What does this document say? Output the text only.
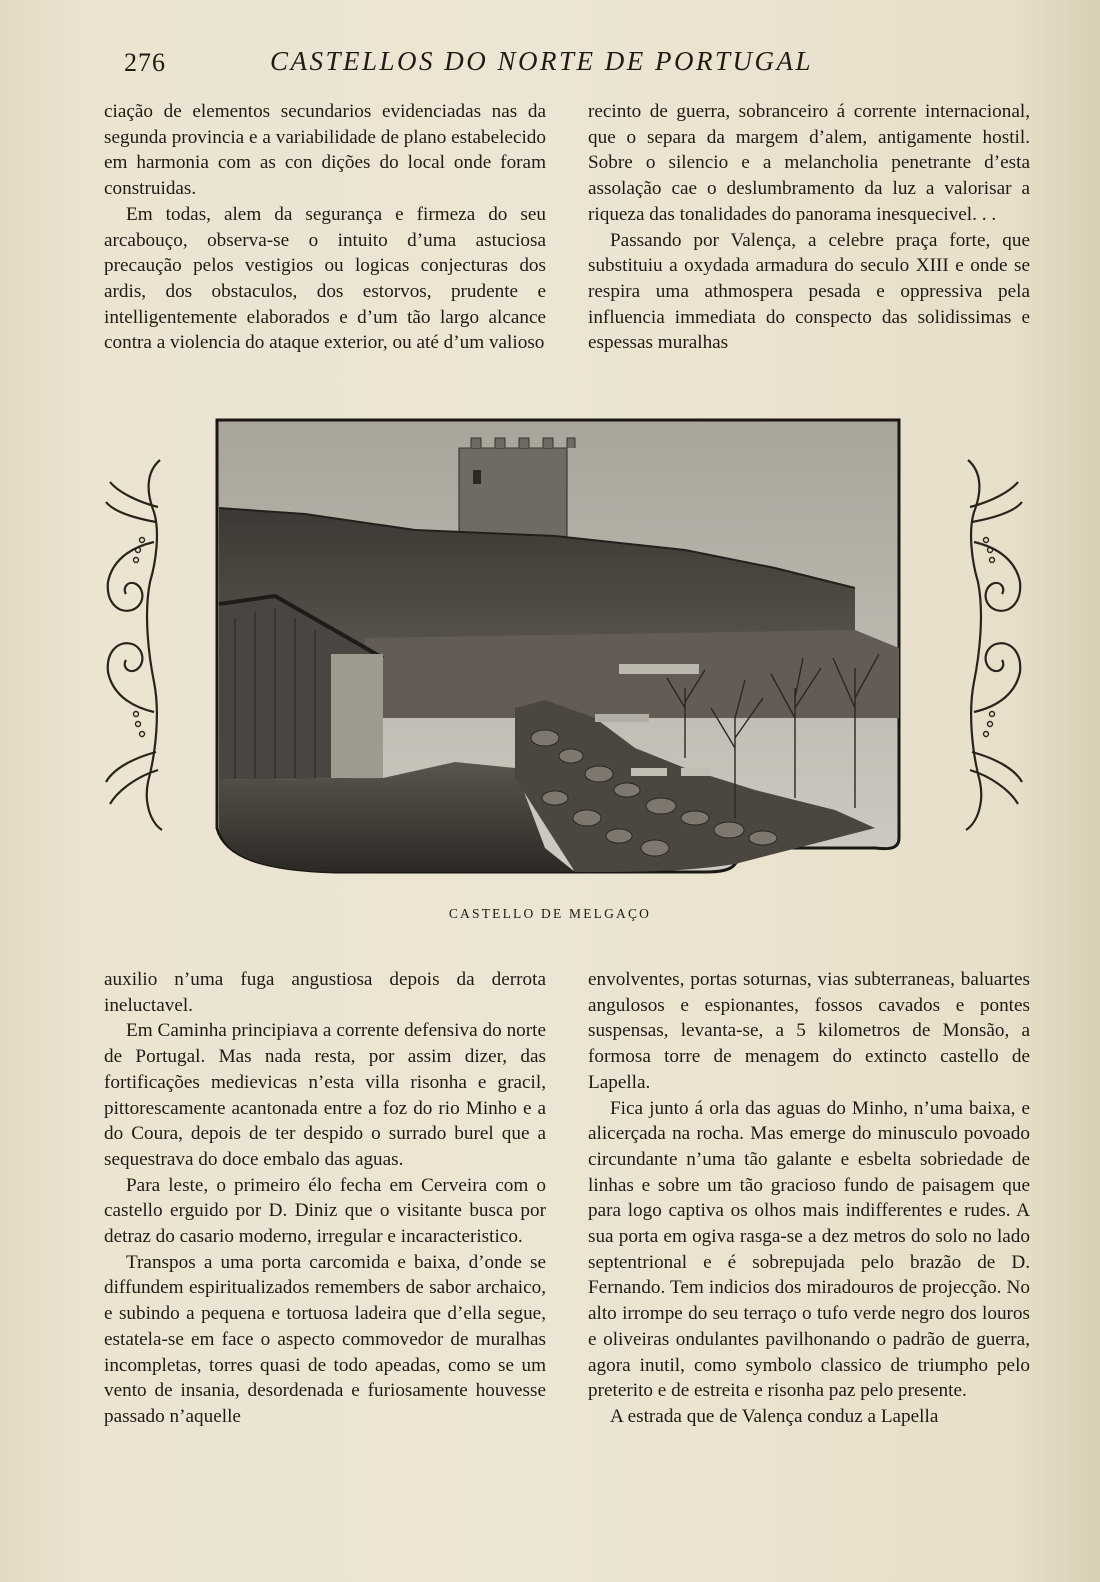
276	CASTELLOS DO NORTE DE PORTUGAL

ciação de elementos secundarios evidenciadas nas da segunda provincia e a variabilidade de plano estabelecido em harmonia com as con dições do local onde foram construidas.

Em todas, alem da segurança e firmeza do seu arcabouço, observa-se o intuito d’uma astuciosa precaução pelos vestigios ou logicas conjecturas dos ardis, dos obstaculos, dos estorvos, prudente e intelligentemente elaborados e d’um tão largo alcance contra a violencia do ataque exterior, ou até d’um valioso

recinto de guerra, sobranceiro á corrente internacional, que o separa da margem d’alem, antigamente hostil. Sobre o silencio e a melancholia penetrante d’esta assolação cae o deslumbramento da luz a valorisar a riqueza das tonalidades do panorama inesquecivel. . .

Passando por Valença, a celebre praça forte, que substituiu a oxydada armadura do seculo XIII e onde se respira uma athmospera pesada e oppressiva pela influencia immediata do conspecto das solidissimas e espessas muralhas

CASTELLO DE MELGAÇO

auxilio n’uma fuga angustiosa depois da derrota ineluctavel.

Em Caminha principiava a corrente defensiva do norte de Portugal. Mas nada resta, por assim dizer, das fortificações medievicas n’esta villa risonha e gracil, pittorescamente acantonada entre a foz do rio Minho e a do Coura, depois de ter despido o surrado burel que a sequestrava do doce embalo das aguas.

Para leste, o primeiro élo fecha em Cerveira com o castello erguido por D. Diniz que o visitante busca por detraz do casario moderno, irregular e incaracteristico.

Transpos a uma porta carcomida e baixa, d’onde se diffundem espiritualizados remembers de sabor archaico, e subindo a pequena e tortuosa ladeira que d’ella segue, estatela-se em face o aspecto commovedor de muralhas incompletas, torres quasi de todo apeadas, como se um vento de insania, desordenada e furiosamente houvesse passado n’aquelle

envolventes, portas soturnas, vias subterraneas, baluartes angulosos e espionantes, fossos cavados e pontes suspensas, levanta-se, a 5 kilometros de Monsão, a formosa torre de menagem do extincto castello de Lapella.

Fica junto á orla das aguas do Minho, n’uma baixa, e alicerçada na rocha. Mas emerge do minusculo povoado circundante n’uma tão galante e esbelta sobriedade de linhas e sobre um tão gracioso fundo de paisagem que para logo captiva os olhos mais indifferentes e rudes. A sua porta em ogiva rasga-se a dez metros do solo no lado septentrional e é sobrepujada pelo brazão de D. Fernando. Tem indicios dos miradouros de projecção. No alto irrompe do seu terraço o tufo verde negro dos louros e oliveiras ondulantes pavilhonando o padrão de guerra, agora inutil, como symbolo classico de triumpho pelo preterito e de estreita e risonha paz pelo presente.

A estrada que de Valença conduz a Lapella
